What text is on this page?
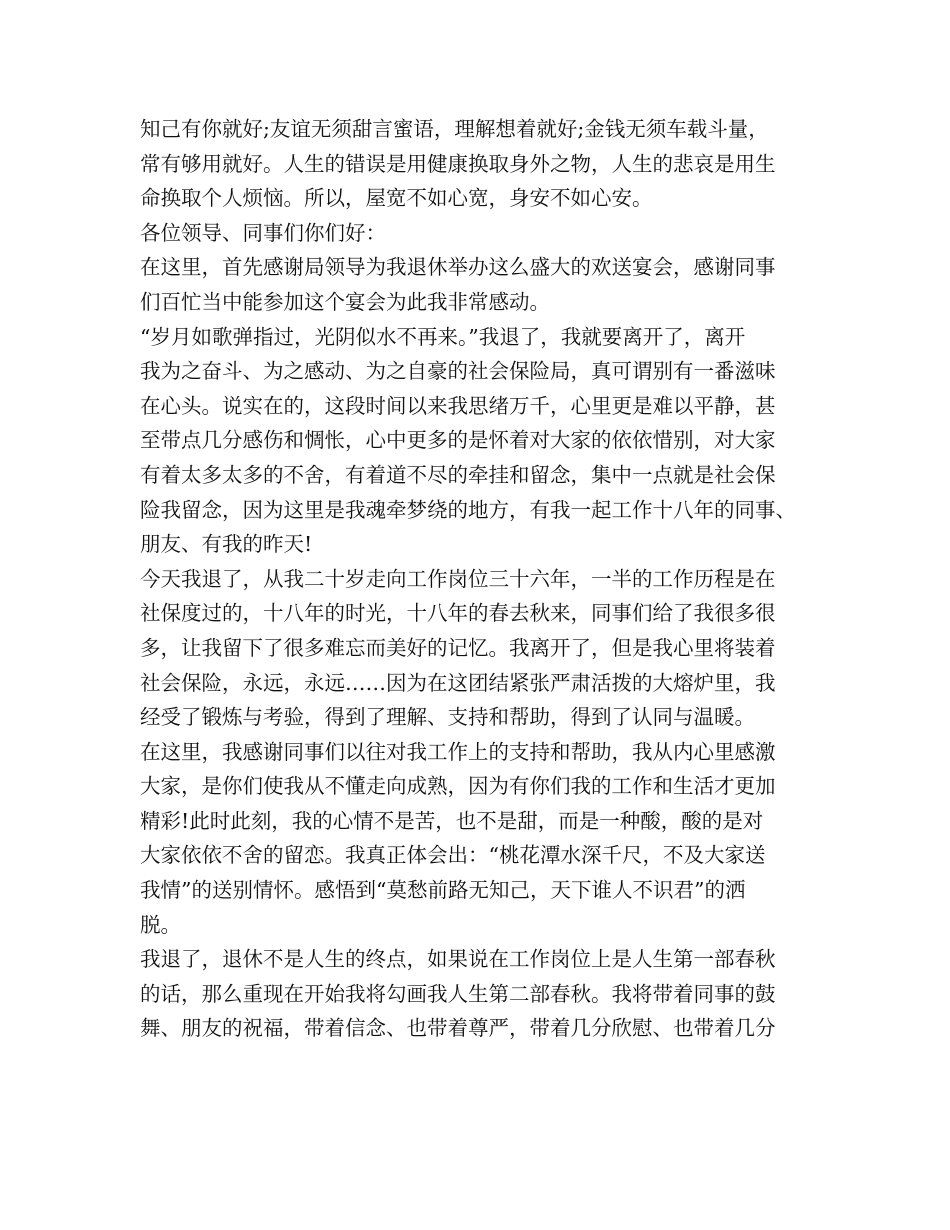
知己有你就好;友谊无须甜言蜜语，理解想着就好;金钱无须车载斗量，
常有够用就好。人生的错误是用健康换取身外之物，人生的悲哀是用生
命换取个人烦恼。所以，屋宽不如心宽，身安不如心安。
各位领导、同事们你们好：
在这里，首先感谢局领导为我退休举办这么盛大的欢送宴会，感谢同事
们百忙当中能参加这个宴会为此我非常感动。
“岁月如歌弹指过，光阴似水不再来。”我退了，我就要离开了，离开
我为之奋斗、为之感动、为之自豪的社会保险局，真可谓别有一番滋味
在心头。说实在的，这段时间以来我思绪万千，心里更是难以平静，甚
至带点几分感伤和惆怅，心中更多的是怀着对大家的依依惜别，对大家
有着太多太多的不舍，有着道不尽的牵挂和留念，集中一点就是社会保
险我留念，因为这里是我魂牵梦绕的地方，有我一起工作十八年的同事、
朋友、有我的昨天!
今天我退了，从我二十岁走向工作岗位三十六年，一半的工作历程是在
社保度过的，十八年的时光，十八年的春去秋来，同事们给了我很多很
多，让我留下了很多难忘而美好的记忆。我离开了，但是我心里将装着
社会保险，永远，永远……因为在这团结紧张严肃活拨的大熔炉里，我
经受了锻炼与考验，得到了理解、支持和帮助，得到了认同与温暖。
在这里，我感谢同事们以往对我工作上的支持和帮助，我从内心里感激
大家，是你们使我从不懂走向成熟，因为有你们我的工作和生活才更加
精彩!此时此刻，我的心情不是苦，也不是甜，而是一种酸，酸的是对
大家依依不舍的留恋。我真正体会出：“桃花潭水深千尺，不及大家送
我情”的送别情怀。感悟到“莫愁前路无知己，天下谁人不识君”的洒
脱。
我退了，退休不是人生的终点，如果说在工作岗位上是人生第一部春秋
的话，那么重现在开始我将勾画我人生第二部春秋。我将带着同事的鼓
舞、朋友的祝福，带着信念、也带着尊严，带着几分欣慰、也带着几分
